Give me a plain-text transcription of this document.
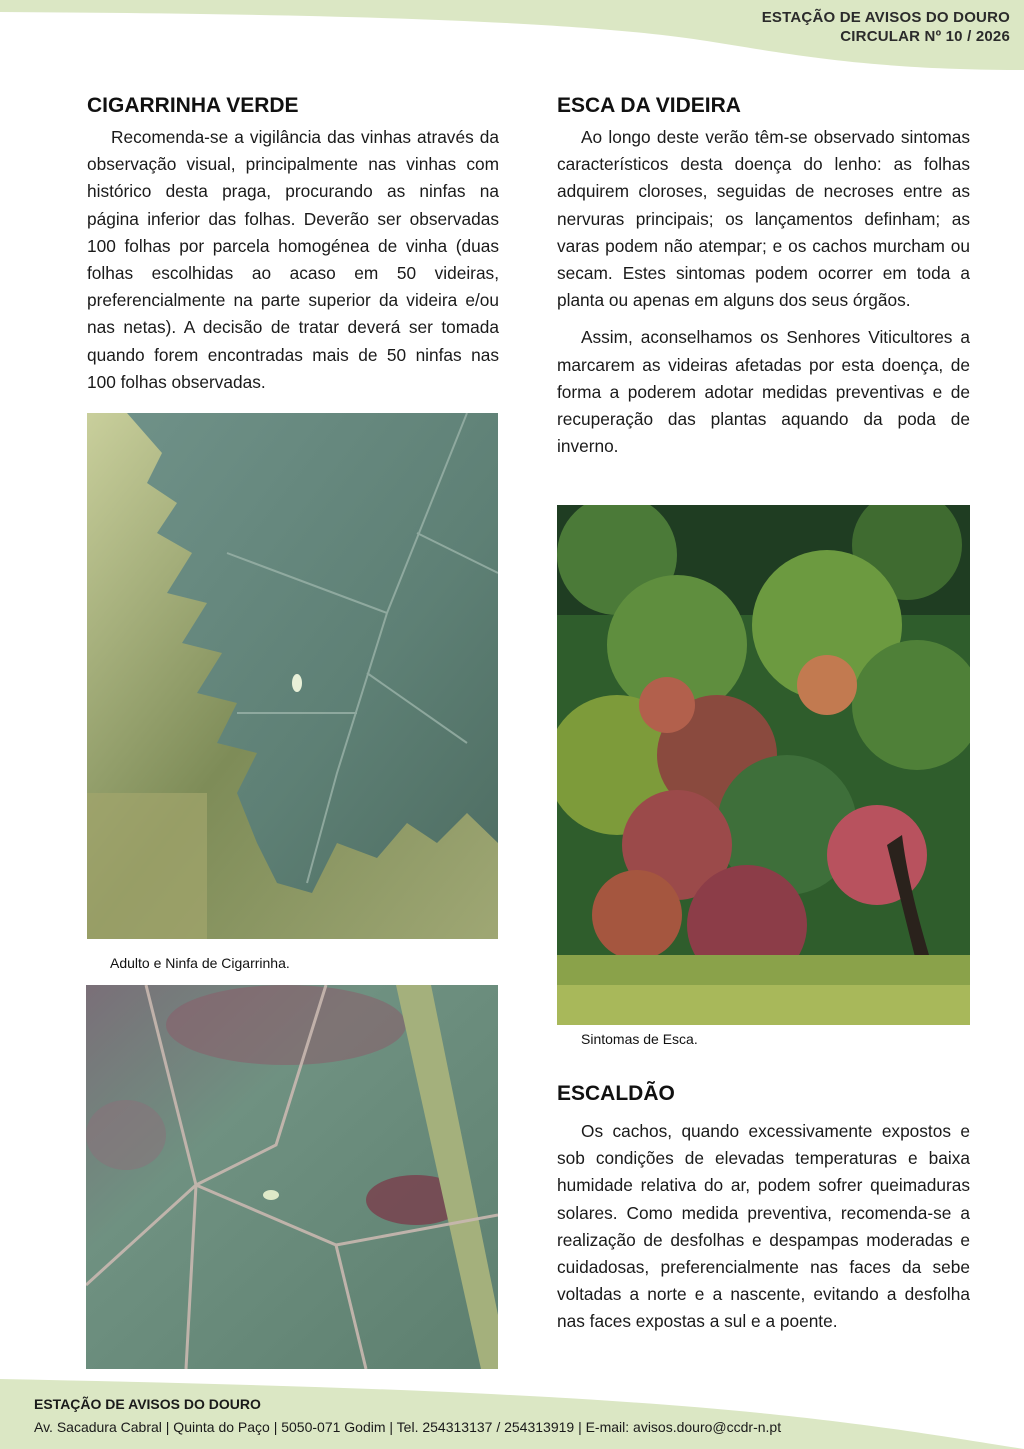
ESTAÇÃO DE AVISOS DO DOURO
CIRCULAR Nº 10 / 2026
CIGARRINHA VERDE

Recomenda-se a vigilância das vinhas através da observação visual, principalmente nas vinhas com histórico desta praga, procurando as ninfas na página inferior das folhas. Deverão ser observadas 100 folhas por parcela homogénea de vinha (duas folhas escolhidas ao acaso em 50 videiras, preferencialmente na parte superior da videira e/ou nas netas). A decisão de tratar deverá ser tomada quando forem encontradas mais de 50 ninfas nas 100 folhas observadas.

Adulto e Ninfa de Cigarrinha.
ESCA DA VIDEIRA

Ao longo deste verão têm-se observado sintomas característicos desta doença do lenho: as folhas adquirem cloroses, seguidas de necroses entre as nervuras principais; os lançamentos definham; as varas podem não atempar; e os cachos murcham ou secam. Estes sintomas podem ocorrer em toda a planta ou apenas em alguns dos seus órgãos.

Assim, aconselhamos os Senhores Viticultores a marcarem as videiras afetadas por esta doença, de forma a poderem adotar medidas preventivas e de recuperação das plantas aquando da poda de inverno.

Sintomas de Esca.
ESCALDÃO

Os cachos, quando excessivamente expostos e sob condições de elevadas temperaturas e baixa humidade relativa do ar, podem sofrer queimaduras solares. Como medida preventiva, recomenda-se a realização de desfolhas e despampas moderadas e cuidadosas, preferencialmente nas faces da sebe voltadas a norte e a nascente, evitando a desfolha nas faces expostas a sul e a poente.

ESTAÇÃO DE AVISOS DO DOURO
Av. Sacadura Cabral | Quinta do Paço | 5050-071 Godim | Tel. 254313137 / 254313919 | E-mail: avisos.douro@ccdr-n.pt
